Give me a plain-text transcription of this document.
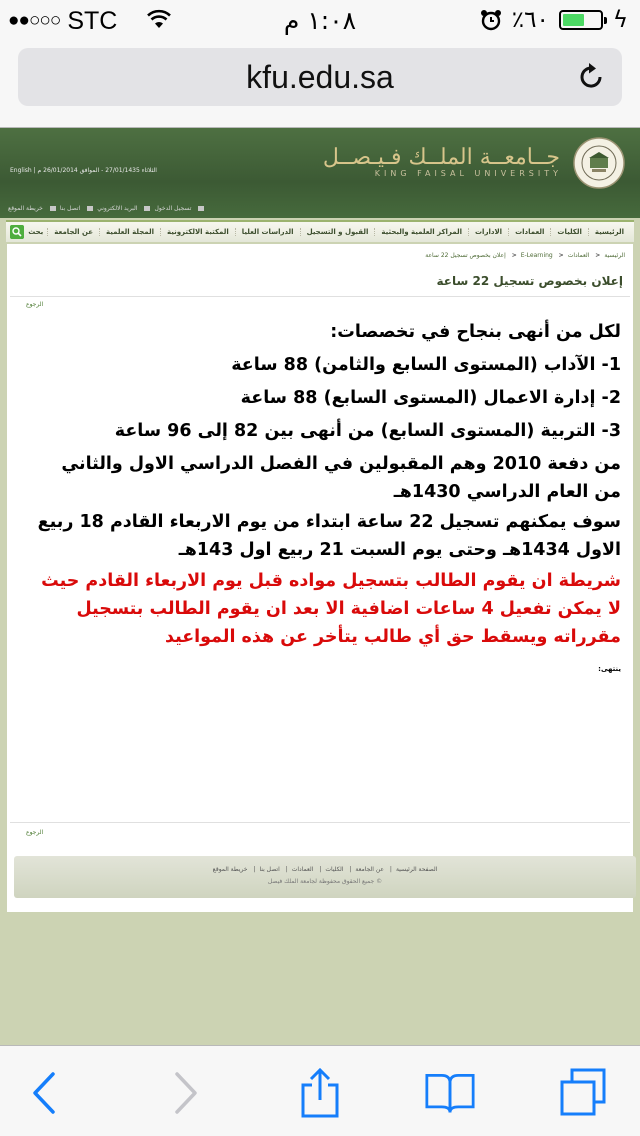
●●○○○ STC	١:٠٨ م	٪٦٠	ϟ
kfu.edu.sa
جــامعــة الملــك فـيـصــل
KING FAISAL UNIVERSITY
English | الثلاثاء 27/01/1435 - الموافق 26/01/2014 م
خريطة الموقع	اتصل بنا	البريد الالكتروني	تسجيل الدخول
الرئيسية
الكليات
العمادات
الادارات
المراكز العلمية والبحثية
القبول و التسجيل
الدراسات العليا
المكتبة الالكترونية
المجلة العلمية
عن الجامعة
بحث
الرئيسية< العمادات< E-Learning< إعلان بخصوص تسجيل 22 ساعة
إعلان بخصوص تسجيل 22 ساعة
الرجوع
لكل من أنهى بنجاح في تخصصات:
1- الآداب (المستوى السابع والثامن) 88 ساعة
2- إدارة الاعمال (المستوى السابع) 88 ساعة
3- التربية (المستوى السابع) من أنهى بين 82 إلى 96 ساعة
من دفعة 2010 وهم المقبولين في الفصل الدراسي الاول والثاني من العام الدراسي 1430هـ
سوف يمكنهم تسجيل 22 ساعة ابتداء من يوم الاربعاء القادم 18 ربيع الاول 1434هـ وحتى يوم السبت 21 ربيع اول 143هـ
شريطة ان يقوم الطالب بتسجيل مواده قبل يوم الاربعاء القادم حيث لا يمكن تفعيل 4 ساعات اضافية الا بعد ان يقوم الطالب بتسجيل مقرراته ويسقط حق أي طالب يتأخر عن هذه المواعيد
ينتهى:
الرجوع
الصفحة الرئيسية| عن الجامعة| الكليات| العمادات| اتصل بنا| خريطة الموقع
© جميع الحقوق محفوظة لجامعة الملك فيصل
